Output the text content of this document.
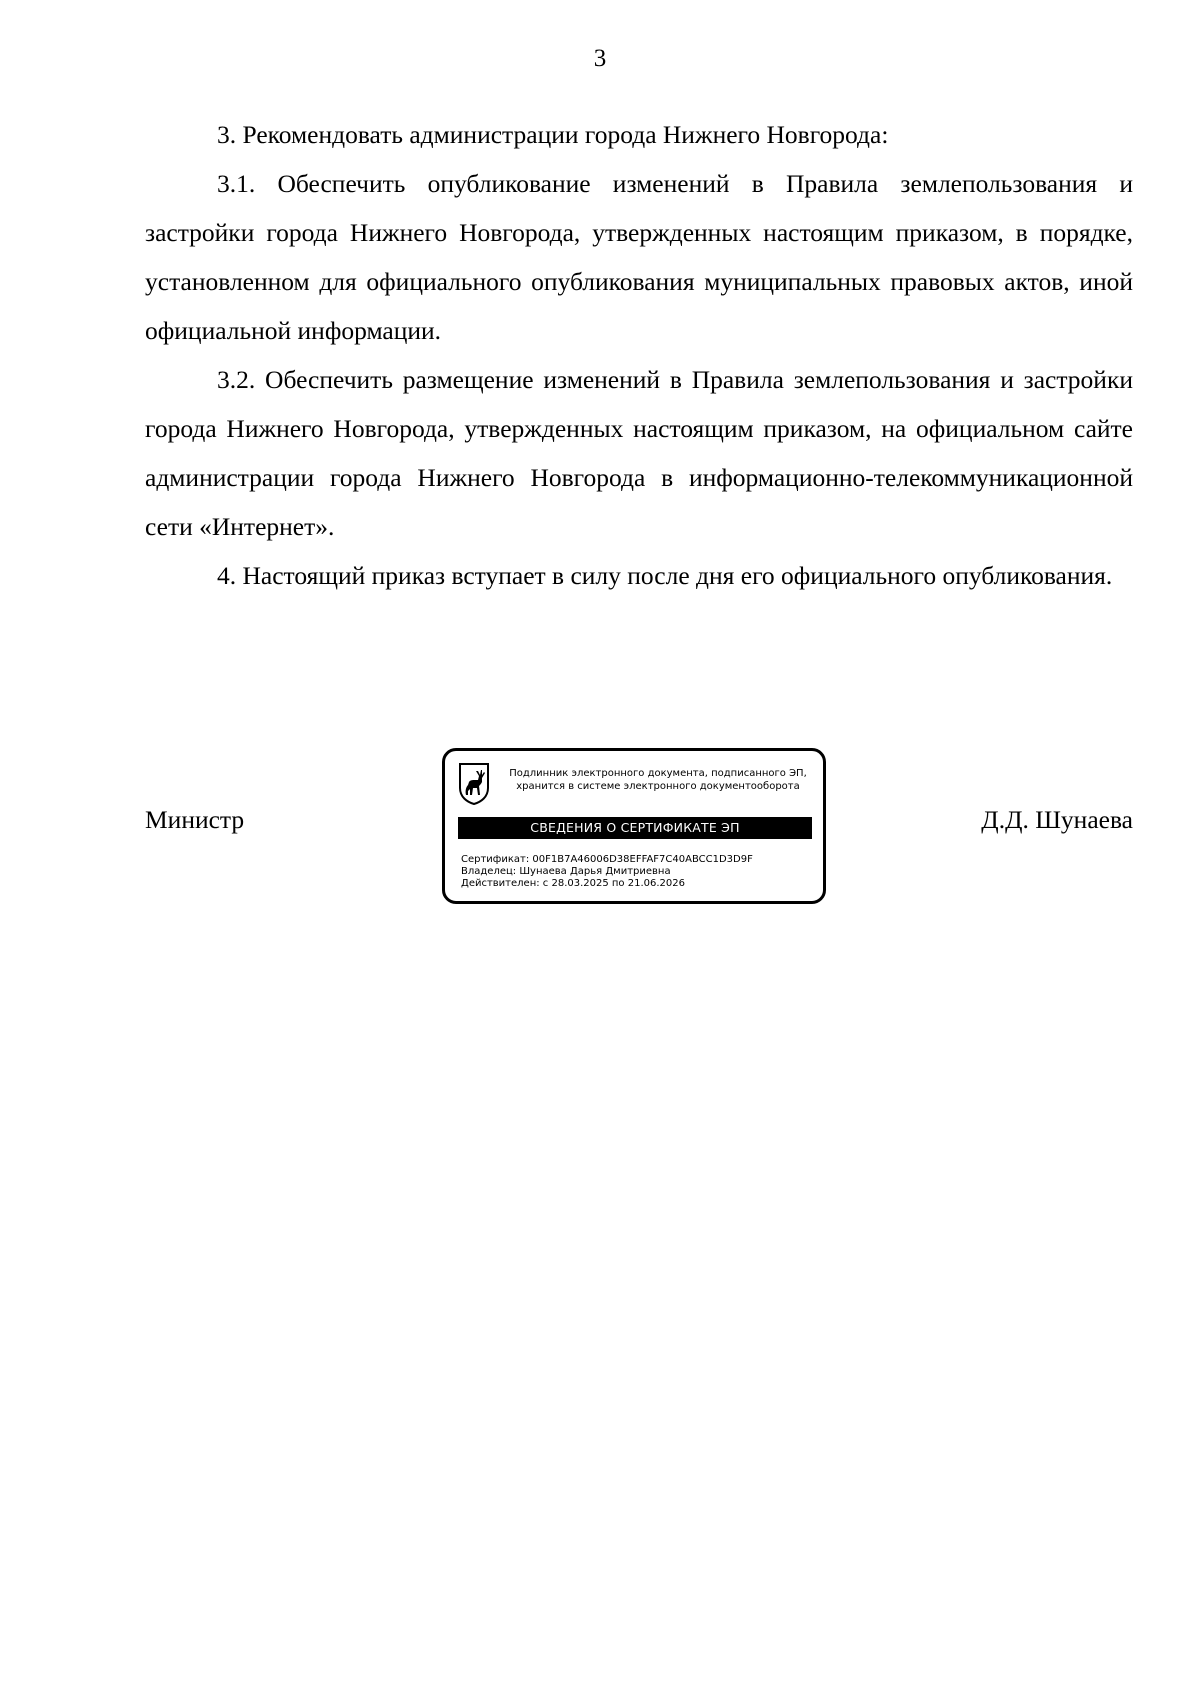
3

3. Рекомендовать администрации города Нижнего Новгорода:

3.1. Обеспечить опубликование изменений в Правила землепользования и застройки города Нижнего Новгорода, утвержденных настоящим приказом, в порядке, установленном для официального опубликования муниципальных правовых актов, иной официальной информации.

3.2. Обеспечить размещение изменений в Правила землепользования и застройки города Нижнего Новгорода, утвержденных настоящим приказом, на официальном сайте администрации города Нижнего Новгорода в информационно-телекоммуникационной сети «Интернет».

4. Настоящий приказ вступает в силу после дня его официального опубликования.

Министр	Д.Д. Шунаева
Подлинник электронного документа, подписанного ЭП,
хранится в системе электронного документооборота
СВЕДЕНИЯ О СЕРТИФИКАТЕ ЭП
Сертификат: 00F1B7A46006D38EFFAF7C40ABCC1D3D9F
Владелец: Шунаева Дарья Дмитриевна
Действителен: с 28.03.2025 по 21.06.2026
